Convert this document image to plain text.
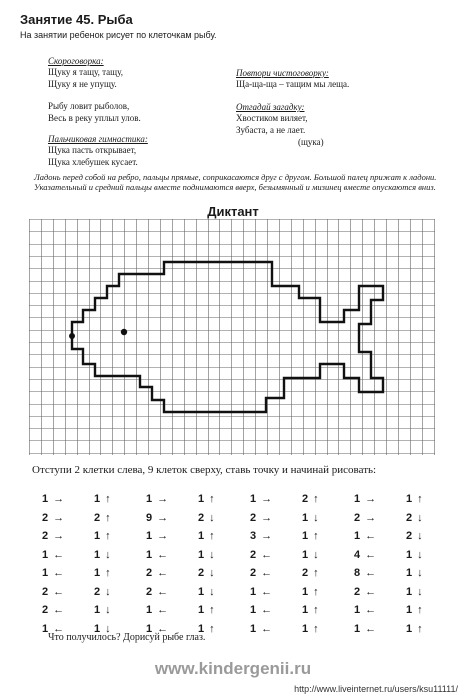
Занятие 45. Рыба
На занятии ребенок рисует по клеточкам рыбу.
Скороговорка:
Щуку я тащу, тащу,
Щуку я не упущу.
Рыбу ловит рыболов,
Весь в реку уплыл улов.
Пальчиковая гимнастика:
Щука пасть открывает,
Щука хлебушек кусает.
Повтори чистоговорку:
Ща-ща-ща – тащим мы леща.
Отгадай загадку:
Хвостиком виляет,
Зубаста, а не лает.
(щука)
Ладонь перед собой на ребро, пальцы прямые, соприкасаются друг с другом. Большой палец прижат к ладони. Указательный и средний пальцы вместе поднимаются вверх, безымянный и мизинец вместе опускаются вниз.
Диктант
Отступи 2 клетки слева, 9 клеток сверху, ставь точку и начинай рисовать:
1 →	1 ↑	1 →	1 ↑	1 →	2 ↑	1 →	1 ↑
2 →	2 ↑	9 →	2 ↓	2 →	1 ↓	2 →	2 ↓
2 →	1 ↑	1 →	1 ↑	3 →	1 ↑	1 ←	2 ↓
1 ←	1 ↓	1 ←	1 ↓	2 ←	1 ↓	4 ←	1 ↓
1 ←	1 ↑	2 ←	2 ↓	2 ←	2 ↑	8 ←	1 ↓
2 ←	2 ↓	2 ←	1 ↓	1 ←	1 ↑	2 ←	1 ↓
2 ←	1 ↓	1 ←	1 ↑	1 ←	1 ↑	1 ←	1 ↑
1 ←	1 ↓	1 ←	1 ↑	1 ←	1 ↑	1 ←	1 ↑
Что получилось? Дорисуй рыбе глаз.
www.kindergenii.ru
http://www.liveinternet.ru/users/ksu11111/
